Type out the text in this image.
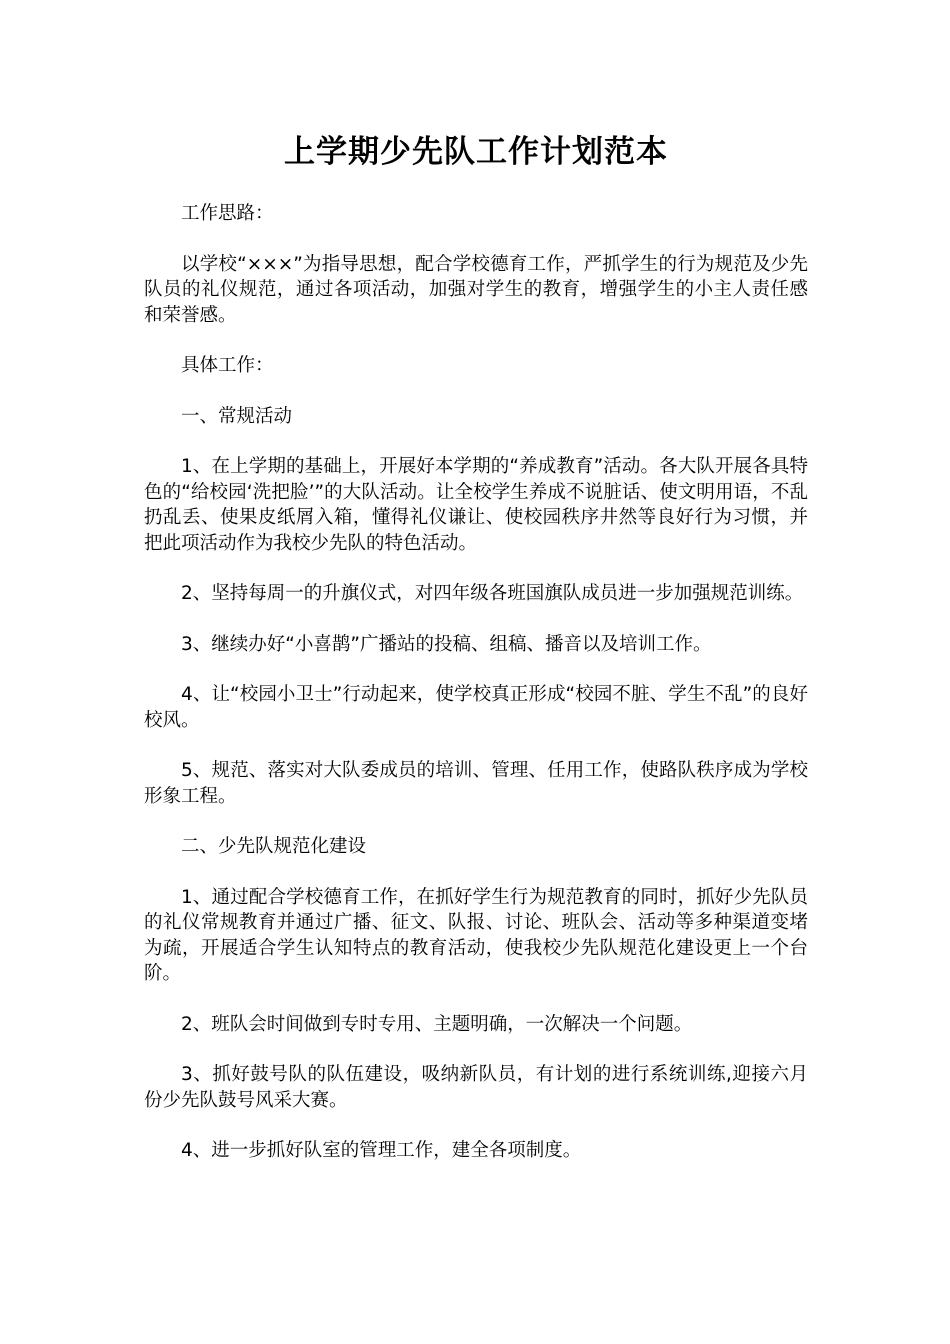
上学期少先队工作计划范本

工作思路：

以学校“×××”为指导思想，配合学校德育工作，严抓学生的行为规范及少先队员的礼仪规范，通过各项活动，加强对学生的教育，增强学生的小主人责任感和荣誉感。

具体工作：

一、常规活动

1、在上学期的基础上，开展好本学期的“养成教育”活动。各大队开展各具特色的“给校园‘洗把脸’”的大队活动。让全校学生养成不说脏话、使文明用语，不乱扔乱丢、使果皮纸屑入箱，懂得礼仪谦让、使校园秩序井然等良好行为习惯，并把此项活动作为我校少先队的特色活动。

2、坚持每周一的升旗仪式，对四年级各班国旗队成员进一步加强规范训练。

3、继续办好“小喜鹊”广播站的投稿、组稿、播音以及培训工作。

4、让“校园小卫士”行动起来，使学校真正形成“校园不脏、学生不乱”的良好校风。

5、规范、落实对大队委成员的培训、管理、任用工作，使路队秩序成为学校形象工程。

二、少先队规范化建设

1、通过配合学校德育工作，在抓好学生行为规范教育的同时，抓好少先队员的礼仪常规教育并通过广播、征文、队报、讨论、班队会、活动等多种渠道变堵为疏，开展适合学生认知特点的教育活动，使我校少先队规范化建设更上一个台阶。

2、班队会时间做到专时专用、主题明确，一次解决一个问题。

3、抓好鼓号队的队伍建设，吸纳新队员，有计划的进行系统训练,迎接六月份少先队鼓号风采大赛。

4、进一步抓好队室的管理工作，建全各项制度。
